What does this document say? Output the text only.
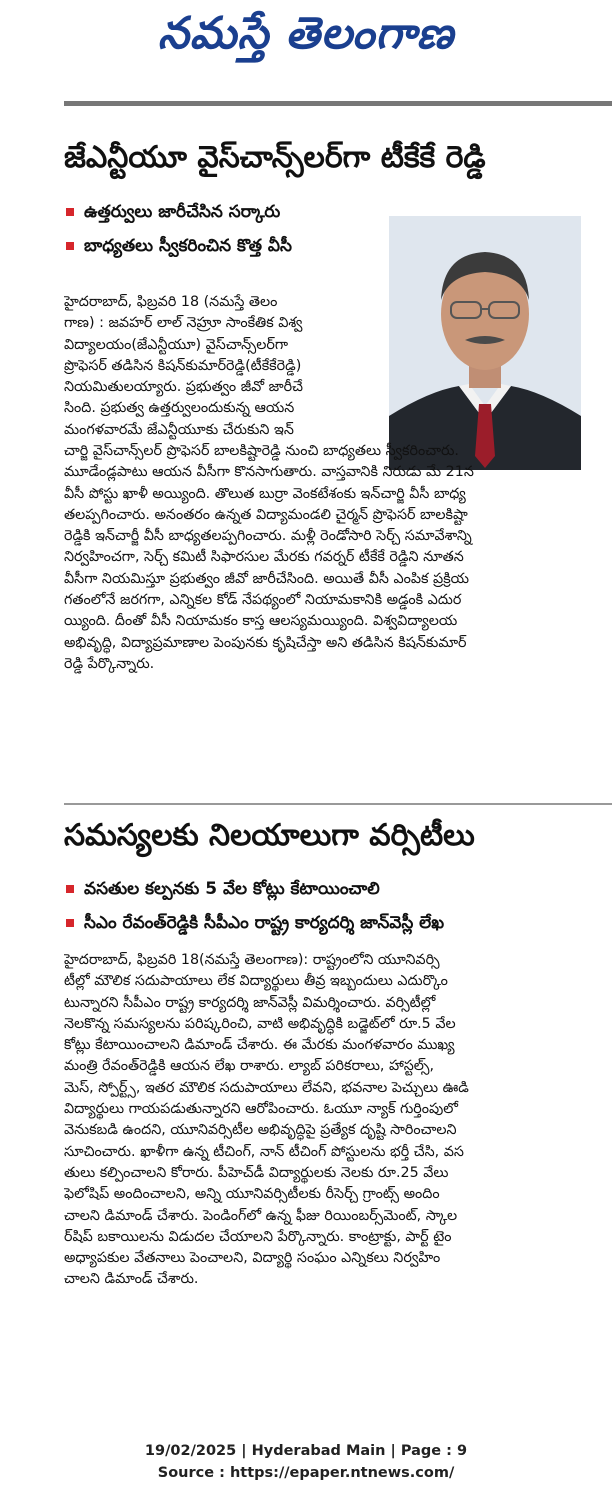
నమస్తే తెలంగాణ
జేఎన్టీయూ వైస్‌చాన్స్‌లర్‌గా టీకేకే రెడ్డి
ఉత్తర్వులు జారీచేసిన సర్కారు
బాధ్యతలు స్వీకరించిన కొత్త వీసీ
హైదరాబాద్, ఫిబ్రవరి 18 (నమస్తే తెలం
గాణ) : జవహర్ లాల్ నెహ్రూ సాంకేతిక విశ్వ
విద్యాలయం(జేఎన్టీయూ) వైస్‌చాన్స్‌లర్‌గా
ప్రొఫెసర్ తడిసిన కిషన్‌కుమార్‌రెడ్డి(టీకేకేరెడ్డి)
నియమితులయ్యారు. ప్రభుత్వం జీవో జారీచే
సింది. ప్రభుత్వ ఉత్తర్వులందుకున్న ఆయన
మంగళవారమే జేఎన్టీయూకు చేరుకుని ఇన్
చార్జి వైస్‌చాన్స్‌లర్ ప్రొఫెసర్ బాలకిష్టారెడ్డి నుంచి బాధ్యతలు స్వీకరించారు.
మూడేండ్లపాటు ఆయన వీసీగా కొనసాగుతారు. వాస్తవానికి నిరుడు మే 21న
వీసీ పోస్టు ఖాళీ అయ్యింది. తొలుత బుర్రా వెంకటేశంకు ఇన్‌చార్జి వీసీ బాధ్య
తలప్పగించారు. అనంతరం ఉన్నత విద్యామండలి చైర్మన్ ప్రొఫెసర్ బాలకిష్టా
రెడ్డికి ఇన్‌చార్జీ వీసీ బాధ్యతలప్పగించారు. మళ్లీ రెండోసారి సెర్చ్ సమావేశాన్ని
నిర్వహించగా, సెర్చ్ కమిటీ సిఫారసుల మేరకు గవర్నర్ టీకేకే రెడ్డిని నూతన
వీసీగా నియమిస్తూ ప్రభుత్వం జీవో జారీచేసింది. అయితే వీసీ ఎంపిక ప్రక్రియ
గతంలోనే జరగగా, ఎన్నికల కోడ్ నేపథ్యంలో నియామకానికి అడ్డంకి ఎదుర
య్యింది. దీంతో వీసీ నియామకం కాస్త ఆలస్యమయ్యింది. విశ్వవిద్యాలయ
అభివృద్ధి, విద్యాప్రమాణాల పెంపునకు కృషిచేస్తా అని తడిసిన కిషన్‌కుమార్
రెడ్డి పేర్కొన్నారు.
సమస్యలకు నిలయాలుగా వర్సిటీలు
వసతుల కల్పనకు 5 వేల కోట్లు కేటాయించాలి
సీఎం రేవంత్‌రెడ్డికి సీపీఎం రాష్ట్ర కార్యదర్శి జాన్‌వెస్లీ లేఖ
హైదరాబాద్, ఫిబ్రవరి 18(నమస్తే తెలంగాణ): రాష్ట్రంలోని యూనివర్సి
టీల్లో మౌలిక సదుపాయాలు లేక విద్యార్థులు తీవ్ర ఇబ్బందులు ఎదుర్కొం
టున్నారని సీపీఎం రాష్ట్ర కార్యదర్శి జాన్‌వెస్లీ విమర్శించారు. వర్సిటీల్లో
నెలకొన్న సమస్యలను పరిష్కరించి, వాటి అభివృద్ధికి బడ్జెట్‌లో రూ.5 వేల
కోట్లు కేటాయించాలని డిమాండ్ చేశారు. ఈ మేరకు మంగళవారం ముఖ్య
మంత్రి రేవంత్‌రెడ్డికి ఆయన లేఖ రాశారు. ల్యాబ్ పరికరాలు, హాస్టల్స్,
మెస్, స్పోర్ట్స్, ఇతర మౌలిక సదుపాయాలు లేవని, భవనాల పెచ్చులు ఊడి
విద్యార్థులు గాయపడుతున్నారని ఆరోపించారు. ఓయూ న్యాక్ గుర్తింపులో
వెనుకబడి ఉందని, యూనివర్సిటీల అభివృద్ధిపై ప్రత్యేక దృష్టి సారించాలని
సూచించారు. ఖాళీగా ఉన్న టీచింగ్, నాన్ టీచింగ్ పోస్టులను భర్తీ చేసి, వస
తులు కల్పించాలని కోరారు. పీహెచ్‌డీ విద్యార్థులకు నెలకు రూ.25 వేలు
ఫెలోషిప్ అందించాలని, అన్ని యూనివర్సిటీలకు రీసెర్చ్ గ్రాంట్స్ అందిం
చాలని డిమాండ్ చేశారు. పెండింగ్‌లో ఉన్న ఫీజు రియింబర్స్‌మెంట్, స్కాల
ర్‌షిప్ బకాయిలను విడుదల చేయాలని పేర్కొన్నారు. కాంట్రాక్టు, పార్ట్ టైం
అధ్యాపకుల వేతనాలు పెంచాలని, విద్యార్థి సంఘం ఎన్నికలు నిర్వహిం
చాలని డిమాండ్ చేశారు.
19/02/2025 | Hyderabad Main | Page : 9
Source : https://epaper.ntnews.com/
